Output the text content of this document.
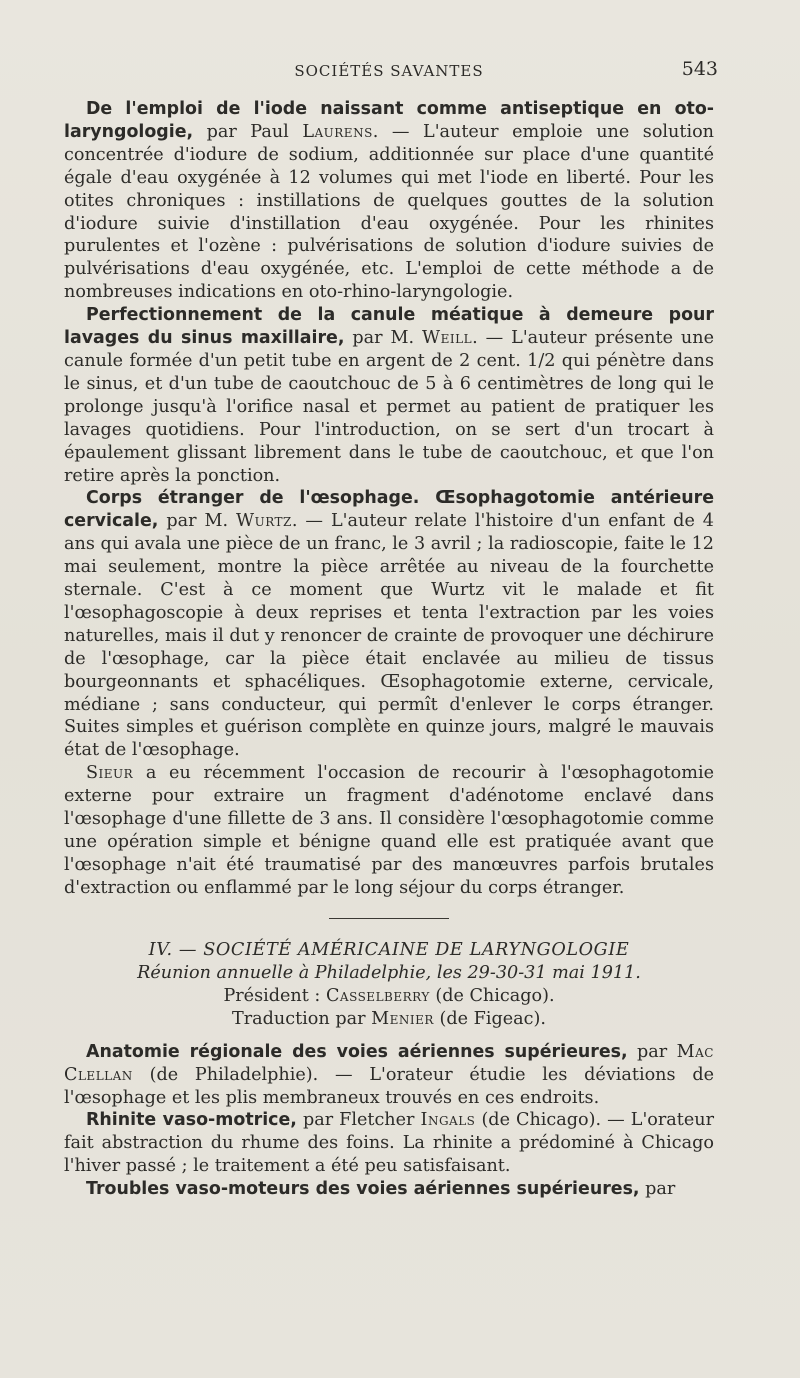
SOCIÉTÉS SAVANTES	543

De l'emploi de l'iode naissant comme antiseptique en oto-laryngologie, par Paul Laurens. — L'auteur emploie une solution concentrée d'iodure de sodium, additionnée sur place d'une quantité égale d'eau oxygénée à 12 volumes qui met l'iode en liberté. Pour les otites chroniques : instillations de quelques gouttes de la solution d'iodure suivie d'instillation d'eau oxygénée. Pour les rhinites purulentes et l'ozène : pulvérisations de solution d'iodure suivies de pulvérisations d'eau oxygénée, etc. L'emploi de cette méthode a de nombreuses indications en oto-rhino-laryngologie.

Perfectionnement de la canule méatique à demeure pour lavages du sinus maxillaire, par M. Weill. — L'auteur présente une canule formée d'un petit tube en argent de 2 cent. 1/2 qui pénètre dans le sinus, et d'un tube de caoutchouc de 5 à 6 centimètres de long qui le prolonge jusqu'à l'orifice nasal et permet au patient de pratiquer les lavages quotidiens. Pour l'introduction, on se sert d'un trocart à épaulement glissant librement dans le tube de caoutchouc, et que l'on retire après la ponction.

Corps étranger de l'œsophage. Œsophagotomie antérieure cervicale, par M. Wurtz. — L'auteur relate l'histoire d'un enfant de 4 ans qui avala une pièce de un franc, le 3 avril ; la radioscopie, faite le 12 mai seulement, montre la pièce arrêtée au niveau de la fourchette sternale. C'est à ce moment que Wurtz vit le malade et fit l'œsophagoscopie à deux reprises et tenta l'extraction par les voies naturelles, mais il dut y renoncer de crainte de provoquer une déchirure de l'œsophage, car la pièce était enclavée au milieu de tissus bourgeonnants et sphacéliques. Œsophagotomie externe, cervicale, médiane ; sans conducteur, qui permît d'enlever le corps étranger. Suites simples et guérison complète en quinze jours, malgré le mauvais état de l'œsophage.

Sieur a eu récemment l'occasion de recourir à l'œsophagotomie externe pour extraire un fragment d'adénotome enclavé dans l'œsophage d'une fillette de 3 ans. Il considère l'œsophagotomie comme une opération simple et bénigne quand elle est pratiquée avant que l'œsophage n'ait été traumatisé par des manœuvres parfois brutales d'extraction ou enflammé par le long séjour du corps étranger.

IV. — SOCIÉTÉ AMÉRICAINE DE LARYNGOLOGIE
Réunion annuelle à Philadelphie, les 29-30-31 mai 1911.
Président : Casselberry (de Chicago).
Traduction par Menier (de Figeac).

Anatomie régionale des voies aériennes supérieures, par Mac Clellan (de Philadelphie). — L'orateur étudie les déviations de l'œsophage et les plis membraneux trouvés en ces endroits.

Rhinite vaso-motrice, par Fletcher Ingals (de Chicago). — L'orateur fait abstraction du rhume des foins. La rhinite a prédominé à Chicago l'hiver passé ; le traitement a été peu satisfaisant.

Troubles vaso-moteurs des voies aériennes supérieures, par
